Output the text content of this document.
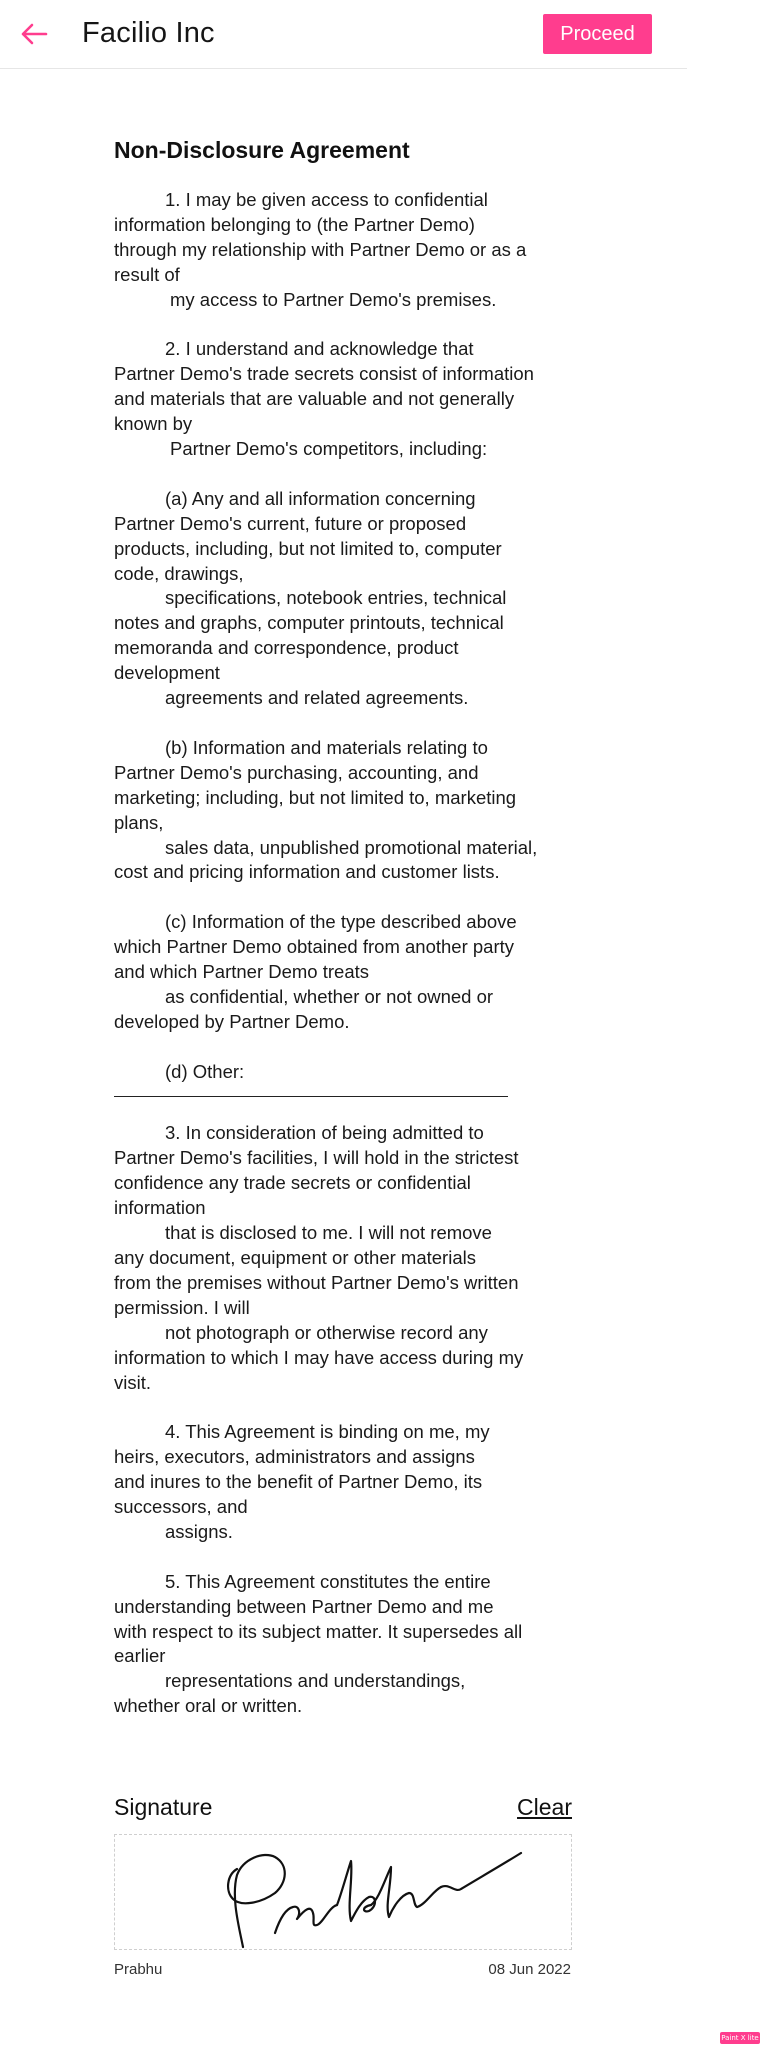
Facilio Inc	Proceed
Non-Disclosure Agreement
1. I may be given access to confidential
information belonging to (the Partner Demo)
through my relationship with Partner Demo or as a
result of
my access to Partner Demo's premises.
2. I understand and acknowledge that
Partner Demo's trade secrets consist of information
and materials that are valuable and not generally
known by
Partner Demo's competitors, including:
(a) Any and all information concerning
Partner Demo's current, future or proposed
products, including, but not limited to, computer
code, drawings,
specifications, notebook entries, technical
notes and graphs, computer printouts, technical
memoranda and correspondence, product
development
agreements and related agreements.
(b) Information and materials relating to
Partner Demo's purchasing, accounting, and
marketing; including, but not limited to, marketing
plans,
sales data, unpublished promotional material,
cost and pricing information and customer lists.
(c) Information of the type described above
which Partner Demo obtained from another party
and which Partner Demo treats
as confidential, whether or not owned or
developed by Partner Demo.
(d) Other:
3. In consideration of being admitted to
Partner Demo's facilities, I will hold in the strictest
confidence any trade secrets or confidential
information
that is disclosed to me. I will not remove
any document, equipment or other materials
from the premises without Partner Demo's written
permission. I will
not photograph or otherwise record any
information to which I may have access during my
visit.
4. This Agreement is binding on me, my
heirs, executors, administrators and assigns
and inures to the benefit of Partner Demo, its
successors, and
assigns.
5. This Agreement constitutes the entire
understanding between Partner Demo and me
with respect to its subject matter. It supersedes all
earlier
representations and understandings,
whether oral or written.
Signature	Clear
Prabhu	08 Jun 2022
Paint X lite
